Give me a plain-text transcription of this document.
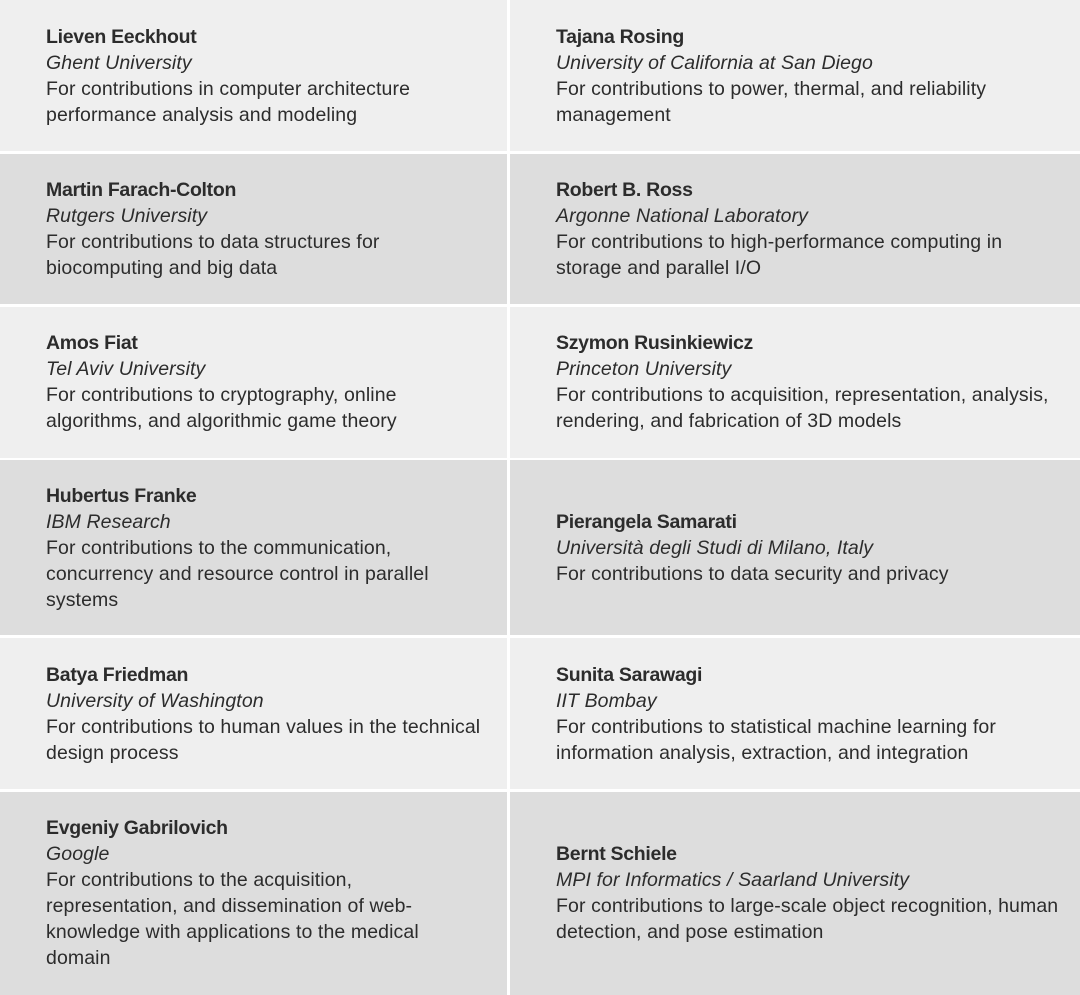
Lieven Eeckhout
Ghent University
For contributions in computer architecture performance analysis and modeling
Tajana Rosing
University of California at San Diego
For contributions to power, thermal, and reliability management
Martin Farach-Colton
Rutgers University
For contributions to data structures for biocomputing and big data
Robert B. Ross
Argonne National Laboratory
For contributions to high-performance computing in storage and parallel I/O
Amos Fiat
Tel Aviv University
For contributions to cryptography, online algorithms, and algorithmic game theory
Szymon Rusinkiewicz
Princeton University
For contributions to acquisition, representation, analysis, rendering, and fabrication of 3D models
Hubertus Franke
IBM Research
For contributions to the communication, concurrency and resource control in parallel systems
Pierangela Samarati
Università degli Studi di Milano, Italy
For contributions to data security and privacy
Batya Friedman
University of Washington
For contributions to human values in the technical design process
Sunita Sarawagi
IIT Bombay
For contributions to statistical machine learning for information analysis, extraction, and integration
Evgeniy Gabrilovich
Google
For contributions to the acquisition, representation, and dissemination of web-knowledge with applications to the medical domain
Bernt Schiele
MPI for Informatics / Saarland University
For contributions to large-scale object recognition, human detection, and pose estimation
